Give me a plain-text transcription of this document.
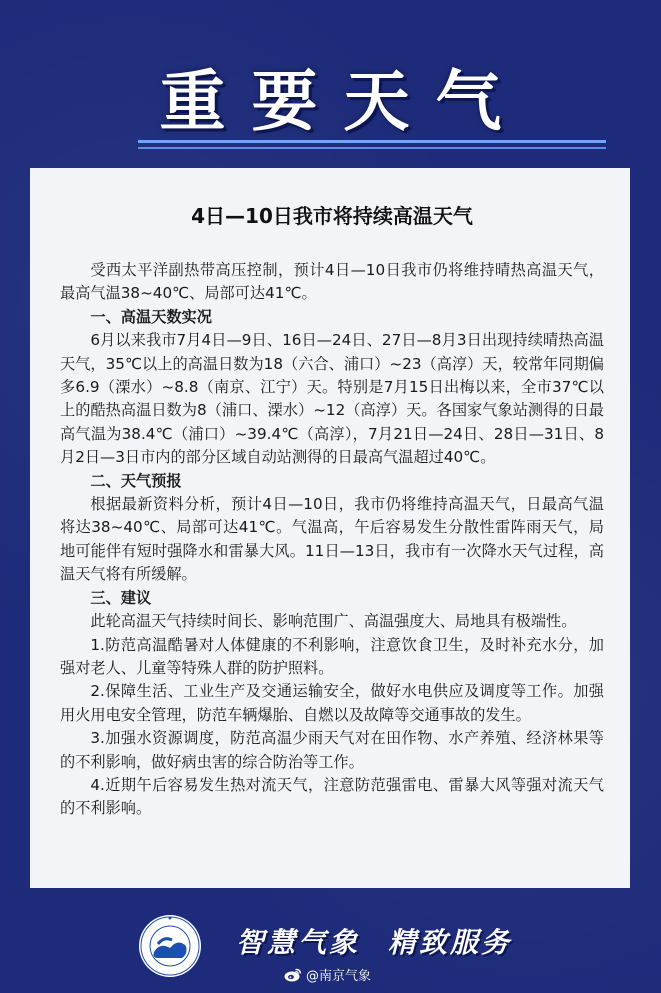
重要天气
4日—10日我市将持续高温天气

受西太平洋副热带高压控制，预计4日—10日我市仍将维持晴热高温天气，最高气温38~40℃、局部可达41℃。

一、高温天数实况

6月以来我市7月4日—9日、16日—24日、27日—8月3日出现持续晴热高温天气，35℃以上的高温日数为18（六合、浦口）~23（高淳）天，较常年同期偏多6.9（溧水）~8.8（南京、江宁）天。特别是7月15日出梅以来，全市37℃以上的酷热高温日数为8（浦口、溧水）~12（高淳）天。各国家气象站测得的日最高气温为38.4℃（浦口）~39.4℃（高淳），7月21日—24日、28日—31日、8月2日—3日市内的部分区域自动站测得的日最高气温超过40℃。

二、天气预报

根据最新资料分析，预计4日—10日，我市仍将维持高温天气，日最高气温将达38~40℃、局部可达41℃。气温高，午后容易发生分散性雷阵雨天气，局地可能伴有短时强降水和雷暴大风。11日—13日，我市有一次降水天气过程，高温天气将有所缓解。

三、建议

此轮高温天气持续时间长、影响范围广、高温强度大、局地具有极端性。

1.防范高温酷暑对人体健康的不利影响，注意饮食卫生，及时补充水分，加强对老人、儿童等特殊人群的防护照料。

2.保障生活、工业生产及交通运输安全，做好水电供应及调度等工作。加强用火用电安全管理，防范车辆爆胎、自燃以及故障等交通事故的发生。

3.加强水资源调度，防范高温少雨天气对在田作物、水产养殖、经济林果等的不利影响，做好病虫害的综合防治等工作。

4.近期午后容易发生热对流天气，注意防范强雷电、雷暴大风等强对流天气的不利影响。

智慧气象 精致服务
@南京气象
